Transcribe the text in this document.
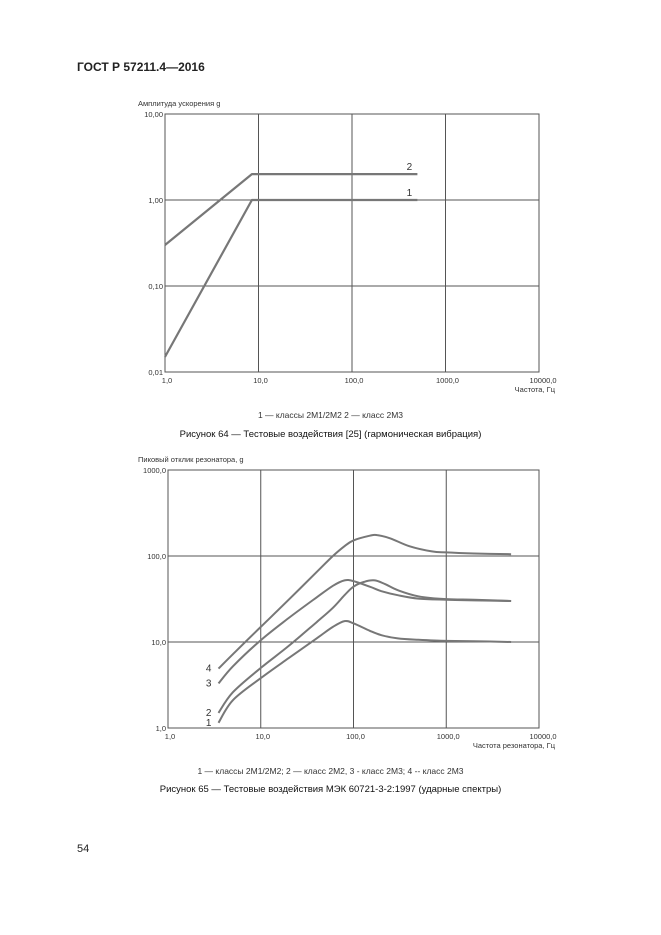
ГОСТ Р 57211.4—2016
1,0	10,0	100,0	1000,0	10000,0
0,01
0,10
1,00
10,00
Частота, Гц
Амплитуда ускорения g
1
2
1,0	10,0	100,0	1000,0	10000,0
1,0
10,0
100,0
1000,0
Частота резонатора, Гц
Пиковый отклик резонатора, g
1
2
3
4
1 — классы 2М1/2М2 2 — класс 2М3
Рисунок 64 — Тестовые воздействия [25] (гармоническая вибрация)
1 — классы 2М1/2М2; 2 — класс 2М2, 3 - класс 2М3; 4 -- класс 2М3
Рисунок 65 — Тестовые воздействия МЭК 60721-3-2:1997 (ударные спектры)
54
